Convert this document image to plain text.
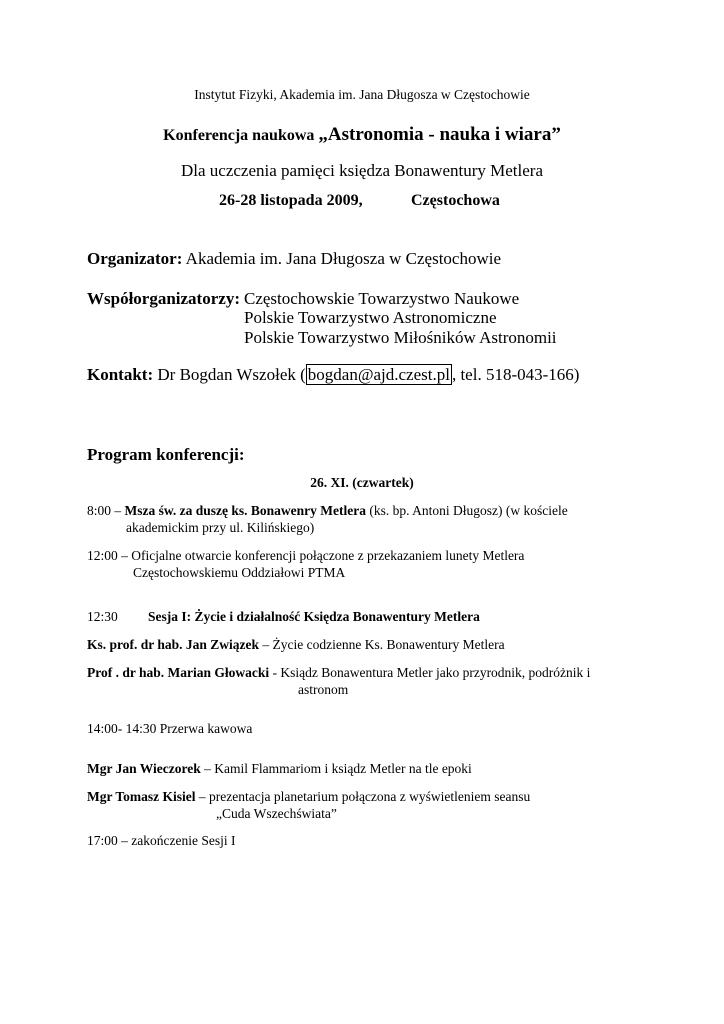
Instytut Fizyki, Akademia im. Jana Długosza w Częstochowie
Konferencja naukowa „Astronomia - nauka i wiara”
Dla uczczenia pamięci księdza Bonawentury Metlera
26-28 listopada 2009,	Częstochowa
Organizator: Akademia im. Jana Długosza w Częstochowie
Współorganizatorzy: Częstochowskie Towarzystwo Naukowe
Polskie Towarzystwo Astronomiczne
Polskie Towarzystwo Miłośników Astronomii
Kontakt: Dr Bogdan Wszołek ( bogdan@ajd.czest.pl , tel. 518-043-166)
Program konferencji:
26. XI. (czwartek)
8:00 – Msza św. za duszę ks. Bonawenry Metlera (ks. bp. Antoni Długosz) (w kościele
akademickim przy ul. Kilińskiego)
12:00 – Oficjalne otwarcie konferencji połączone z przekazaniem lunety Metlera
Częstochowskiemu Oddziałowi PTMA
12:30 Sesja I: Życie i działalność Księdza Bonawentury Metlera
Ks. prof. dr hab. Jan Związek – Życie codzienne Ks. Bonawentury Metlera
Prof . dr hab. Marian Głowacki - Ksiądz Bonawentura Metler jako przyrodnik, podróżnik i
astronom
14:00- 14:30 Przerwa kawowa
Mgr Jan Wieczorek – Kamil Flammariom i ksiądz Metler na tle epoki
Mgr Tomasz Kisiel – prezentacja planetarium połączona z wyświetleniem seansu
„Cuda Wszechświata”
17:00 – zakończenie Sesji I
